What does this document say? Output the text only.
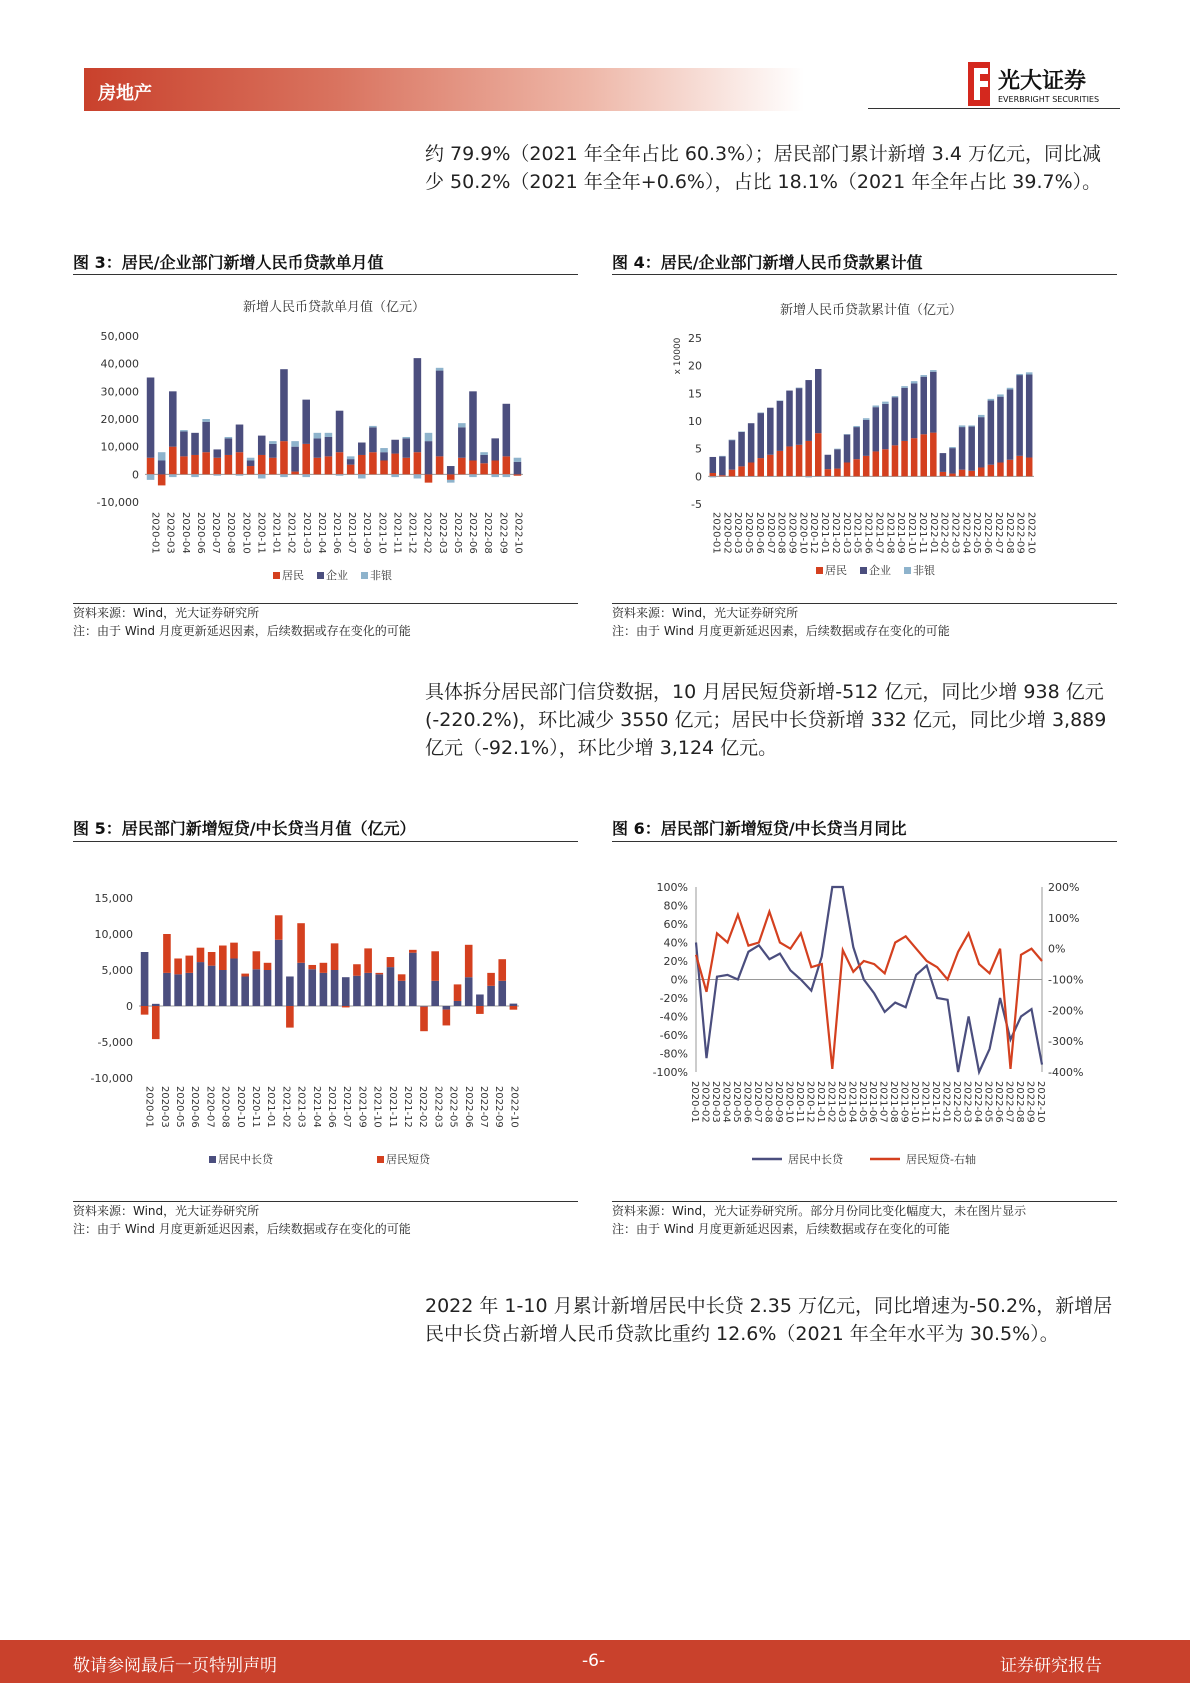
房地产	光大证券
EVERBRIGHT SECURITIES
约 79.9%（2021 年全年占比 60.3%）；居民部门累计新增 3.4 万亿元，同比减
少 50.2%（2021 年全年+0.6%），占比 18.1%（2021 年全年占比 39.7%）。
图 3：居民/企业部门新增人民币贷款单月值
新增人民币贷款单月值（亿元）
-10,000
0
10,000
20,000
30,000
40,000
50,000
2020-01 2020-03 2020-04 2020-06 2020-07 2020-08 2020-10 2020-11 2021-01 2021-02 2021-03 2021-04 2021-06 2021-07 2021-09 2021-10 2021-11 2021-12 2022-02 2022-03 2022-05 2022-06 2022-08 2022-09 2022-10
居民 企业 非银
资料来源：Wind，光大证券研究所
注：由于 Wind 月度更新延迟因素，后续数据或存在变化的可能
图 4：居民/企业部门新增人民币贷款累计值
新增人民币贷款累计值（亿元）
x 10000
-5
0
5
10
15
20
25
2020-01 2020-02 2020-03 2020-05 2020-06 2020-07 2020-08 2020-09 2020-10 2020-12 2021-01 2021-02 2021-03 2021-05 2021-06 2021-07 2021-08 2021-09 2021-10 2021-11 2022-01 2022-02 2022-03 2022-04 2022-05 2022-06 2022-07 2022-08 2022-09 2022-10
居民 企业 非银
资料来源：Wind，光大证券研究所
注：由于 Wind 月度更新延迟因素，后续数据或存在变化的可能
具体拆分居民部门信贷数据，10 月居民短贷新增-512 亿元，同比少增 938 亿元
(-220.2%)，环比减少 3550 亿元；居民中长贷新增 332 亿元，同比少增 3,889
亿元（-92.1%），环比少增 3,124 亿元。
图 5：居民部门新增短贷/中长贷当月值（亿元）
-10,000
-5,000
0
5,000
10,000
15,000
2020-01 2020-03 2020-05 2020-06 2020-07 2020-08 2020-10 2020-11 2021-01 2021-02 2021-03 2021-04 2021-06 2021-07 2021-09 2021-10 2021-11 2021-12 2022-02 2022-03 2022-05 2022-06 2022-07 2022-09 2022-10
居民中长贷	居民短贷
资料来源：Wind，光大证券研究所
注：由于 Wind 月度更新延迟因素，后续数据或存在变化的可能
图 6：居民部门新增短贷/中长贷当月同比
100%
80%
60%
40%
20%
0%
-20%
-40%
-60%
-80%
-100%
200%
100%
0%
-100%
-200%
-300%
-400%
2020-01 2020-02 2020-03 2020-04 2020-05 2020-06 2020-07 2020-08 2020-09 2020-10 2020-11 2020-12 2021-01 2021-02 2021-03 2021-04 2021-05 2021-06 2021-07 2021-08 2021-09 2021-10 2021-11 2021-12 2022-01 2022-02 2022-03 2022-04 2022-05 2022-06 2022-07 2022-08 2022-09 2022-10
居民中长贷	居民短贷-右轴
资料来源：Wind，光大证券研究所。部分月份同比变化幅度大，未在图片显示
注：由于 Wind 月度更新延迟因素，后续数据或存在变化的可能
2022 年 1-10 月累计新增居民中长贷 2.35 万亿元，同比增速为-50.2%，新增居
民中长贷占新增人民币贷款比重约 12.6%（2021 年全年水平为 30.5%）。
敬请参阅最后一页特别声明	-6-	证券研究报告
